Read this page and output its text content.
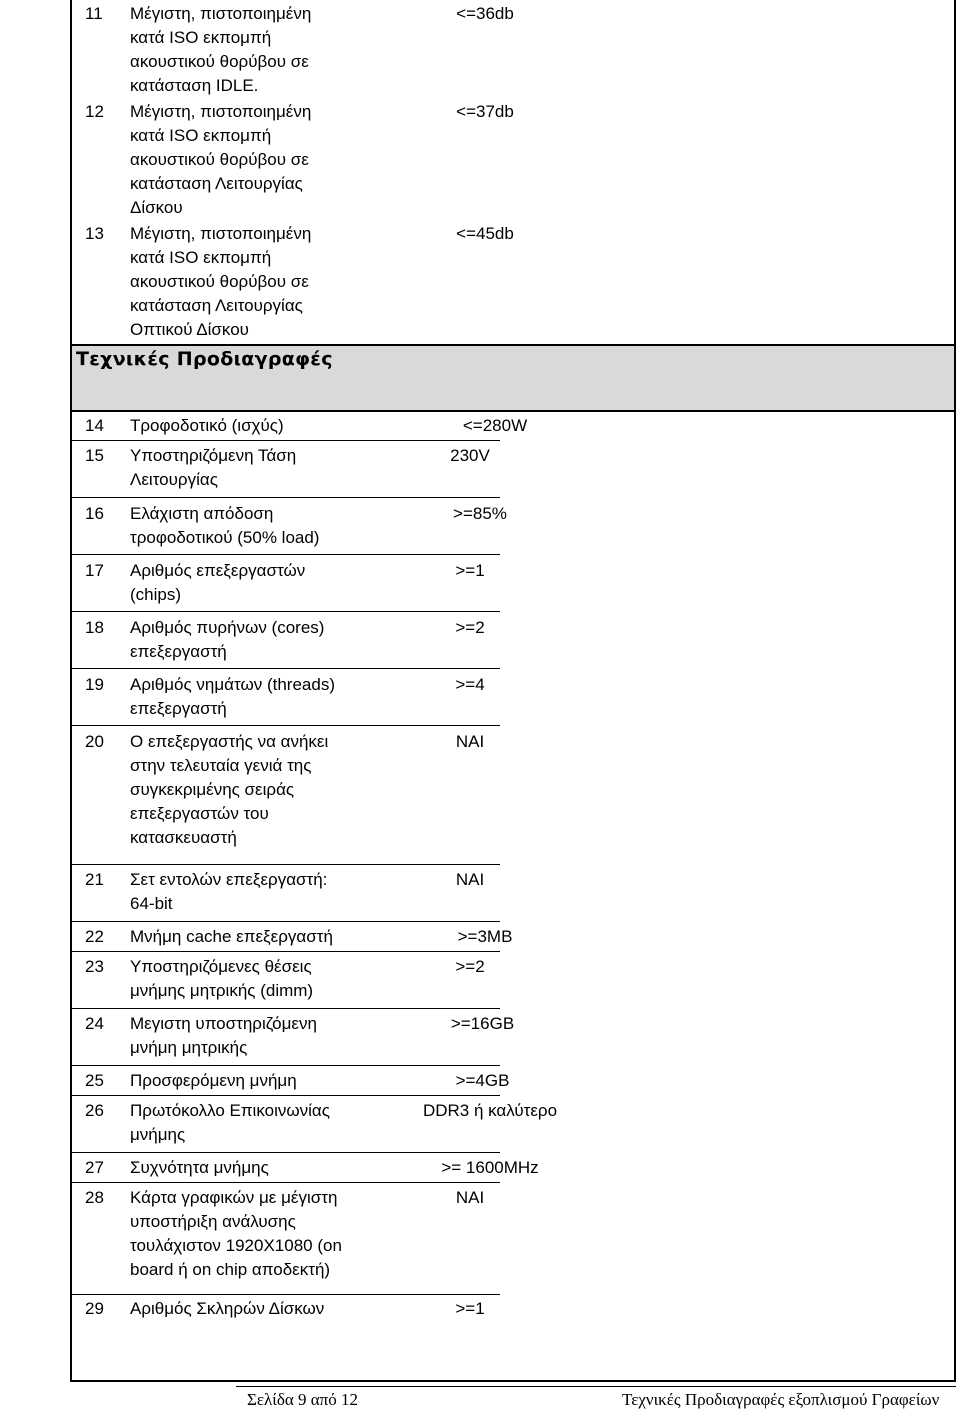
11 Μέγιστη, πιστοποιημένη κατά ISO εκπομπή ακουστικού θορύβου σε κατάσταση IDLE.
<=36db
12 Μέγιστη, πιστοποιημένη κατά ISO εκπομπή ακουστικού θορύβου σε κατάσταση Λειτουργίας Δίσκου
<=37db
13 Μέγιστη, πιστοποιημένη κατά ISO εκπομπή ακουστικού θορύβου σε κατάσταση Λειτουργίας Οπτικού Δίσκου
<=45db
Τεχνικές Προδιαγραφές
14 Τροφοδοτικό (ισχύς)	<=280W
15 Υποστηριζόμενη Τάση Λειτουργίας
230V
16 Ελάχιστη απόδοση τροφοδοτικού (50% load)
>=85%
17 Αριθμός επεξεργαστών (chips)
>=1
18 Αριθμός πυρήνων (cores) επεξεργαστή
>=2
19 Αριθμός νημάτων (threads) επεξεργαστή
>=4
20 Ο επεξεργαστής να ανήκει στην τελευταία γενιά της συγκεκριμένης σειράς επεξεργαστών του κατασκευαστή
ΝΑΙ
21 Σετ εντολών επεξεργαστή: 64-bit
ΝΑΙ
22 Μνήμη cache επεξεργαστή	>=3MB
23 Υποστηριζόμενες θέσεις μνήμης μητρικής (dimm)
>=2
24 Μεγιστη υποστηριζόμενη μνήμη μητρικής
>=16GB
25 Προσφερόμενη μνήμη	>=4GB
26 Πρωτόκολλο Επικοινωνίας μνήμης
DDR3 ή καλύτερο
27 Συχνότητα μνήμης	>= 1600MHz
28 Κάρτα γραφικών με μέγιστη υποστήριξη ανάλυσης τουλάχιστον 1920Χ1080 (on board ή on chip αποδεκτή)
ΝΑΙ
29 Αριθμός Σκληρών Δίσκων	>=1
Σελίδα 9 από 12	Τεχνικές Προδιαγραφές εξοπλισμού Γραφείων
